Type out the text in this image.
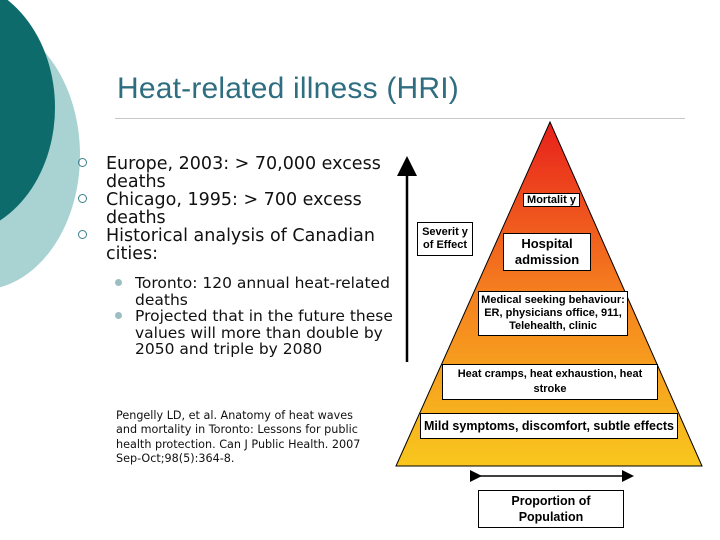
Heat-related illness (HRI)
Europe, 2003: > 70,000 excess deaths
Chicago, 1995: > 700 excess deaths
Historical analysis of Canadian cities:
Toronto: 120 annual heat-related deaths
Projected that in the future these values will more than double by 2050 and triple by 2080
Pengelly LD, et al. Anatomy of heat waves and mortality in Toronto: Lessons for public health protection. Can J Public Health. 2007 Sep-Oct;98(5):364-8.
Severit y of Effect
Mortalit y
Hospital admission
Medical seeking behaviour: ER, physicians office, 911, Telehealth, clinic
Heat cramps, heat exhaustion, heat stroke
Mild symptoms, discomfort, subtle effects
Proportion of Population
